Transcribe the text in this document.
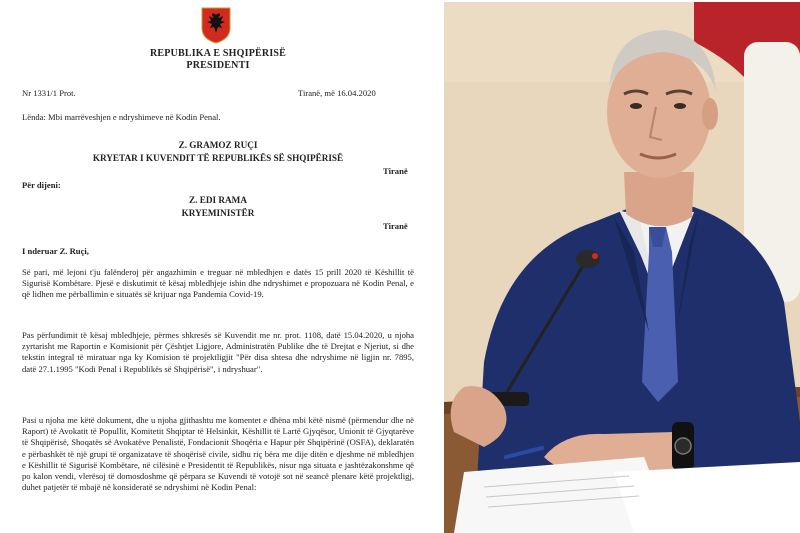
REPUBLIKA E SHQIPËRISË
PRESIDENTI
Nr 1331/1 Prot.	Tiranë, më 16.04.2020
Lënda: Mbi marrëveshjen e ndryshimeve në Kodin Penal.
Z. GRAMOZ RUÇI
KRYETAR I KUVENDIT TË REPUBLIKËS SË SHQIPËRISË
Tiranë
Për dijeni:
Z. EDI RAMA
KRYEMINISTËR
Tiranë
I nderuar Z. Ruçi,
Së pari, më lejoni t'ju falënderoj për angazhimin e treguar në mbledhjen e datës 15 prill 2020 të Këshillit të Sigurisë Kombëtare. Pjesë e diskutimit të kësaj mbledhjeje ishin dhe ndryshimet e propozuara në Kodin Penal, e që lidhen me përballimin e situatës së krijuar nga Pandemia Covid-19.
Pas përfundimit të kësaj mbledhjeje, përmes shkresës së Kuvendit me nr. prot. 1108, datë 15.04.2020, u njoha zyrtarisht me Raportin e Komisionit për Çështjet Ligjore, Administratën Publike dhe të Drejtat e Njeriut, si dhe tekstin integral të miratuar nga ky Komision të projektligjit "Për disa shtesa dhe ndryshime në ligjin nr. 7895, datë 27.1.1995 "Kodi Penal i Republikës së Shqipërisë", i ndryshuar".
Pasi u njoha me këtë dokument, dhe u njoha gjithashtu me komentet e dhëna mbi këtë nismë (përmendur dhe në Raport) të Avokatit të Popullit, Komitetit Shqiptar të Helsinkit, Këshillit të Lartë Gjyqësor, Unionit të Gjyqtarëve të Shqipërisë, Shoqatës së Avokatëve Penalistë, Fondacionit Shoqëria e Hapur për Shqipërinë (OSFA), deklaratën e përbashkët të një grupi të organizatave të shoqërisë civile, sidhu riç bëra me dije ditën e djeshme në mbledhjen e Këshillit të Sigurisë Kombëtare, në cilësinë e Presidentit të Republikës, nisur nga situata e jashtëzakonshme që po kalon vendi, vlerësoj të domosdoshme që përpara se Kuvendi të votojë sot në seancë plenare këtë projektligj, duhet patjetër të mbajë në konsideratë se ndryshimi në Kodin Penal:
